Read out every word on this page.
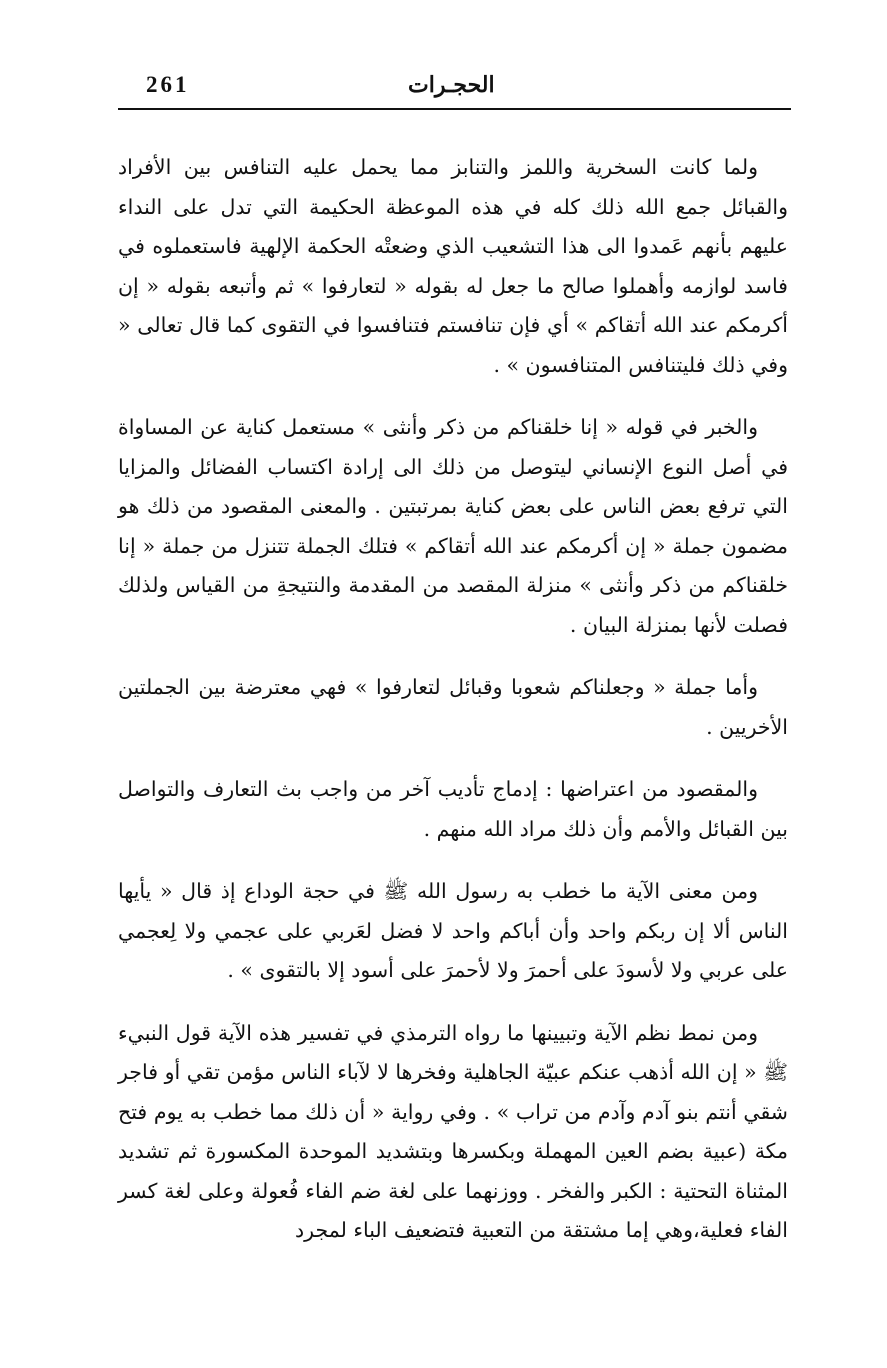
261	الحجـرات

ولما كانت السخرية واللمز والتنابز مما يحمل عليه التنافس بين الأفراد والقبائل جمع الله ذلك كله في هذه الموعظة الحكيمة التي تدل على النداء عليهم بأنهم عَمدوا الى هذا التشعيب الذي وضعتْه الحكمة الإلهية فاستعملوه في فاسد لوازمه وأهملوا صالح ما جعل له بقوله « لتعارفوا » ثم وأتبعه بقوله « إن أكرمكم عند الله أتقاكم » أي فإن تنافستم فتنافسوا في التقوى كما قال تعالى « وفي ذلك فليتنافس المتنافسون » .

والخبر في قوله « إنا خلقناكم من ذكر وأنثى » مستعمل كناية عن المساواة في أصل النوع الإنساني ليتوصل من ذلك الى إرادة اكتساب الفضائل والمزايا التي ترفع بعض الناس على بعض كناية بمرتبتين . والمعنى المقصود من ذلك هو مضمون جملة « إن أكرمكم عند الله أتقاكم » فتلك الجملة تتنزل من جملة « إنا خلقناكم من ذكر وأنثى » منزلة المقصد من المقدمة والنتيجةِ من القياس ولذلك فصلت لأنها بمنزلة البيان .

وأما جملة « وجعلناكم شعوبا وقبائل لتعارفوا » فهي معترضة بين الجملتين الأخريين .

والمقصود من اعتراضها : إدماج تأديب آخر من واجب بث التعارف والتواصل بين القبائل والأمم وأن ذلك مراد الله منهم .

ومن معنى الآية ما خطب به رسول الله ﷺ في حجة الوداع إذ قال « يأيها الناس ألا إن ربكم واحد وأن أباكم واحد لا فضل لعَربي على عجمي ولا لِعجمي على عربي ولا لأسودَ على أحمرَ ولا لأحمرَ على أسود إلا بالتقوى » .

ومن نمط نظم الآية وتبيينها ما رواه الترمذي في تفسير هذه الآية قول النبيء ﷺ « إن الله أذهب عنكم عبيّة الجاهلية وفخرها لا لآباء الناس مؤمن تقي أو فاجر شقي أنتم بنو آدم وآدم من تراب » . وفي رواية « أن ذلك مما خطب به يوم فتح مكة (عبية بضم العين المهملة وبكسرها وبتشديد الموحدة المكسورة ثم تشديد المثناة التحتية : الكبر والفخر . ووزنهما على لغة ضم الفاء فُعولة وعلى لغة كسر الفاء فعلية،وهي إما مشتقة من التعبية فتضعيف الباء لمجرد
